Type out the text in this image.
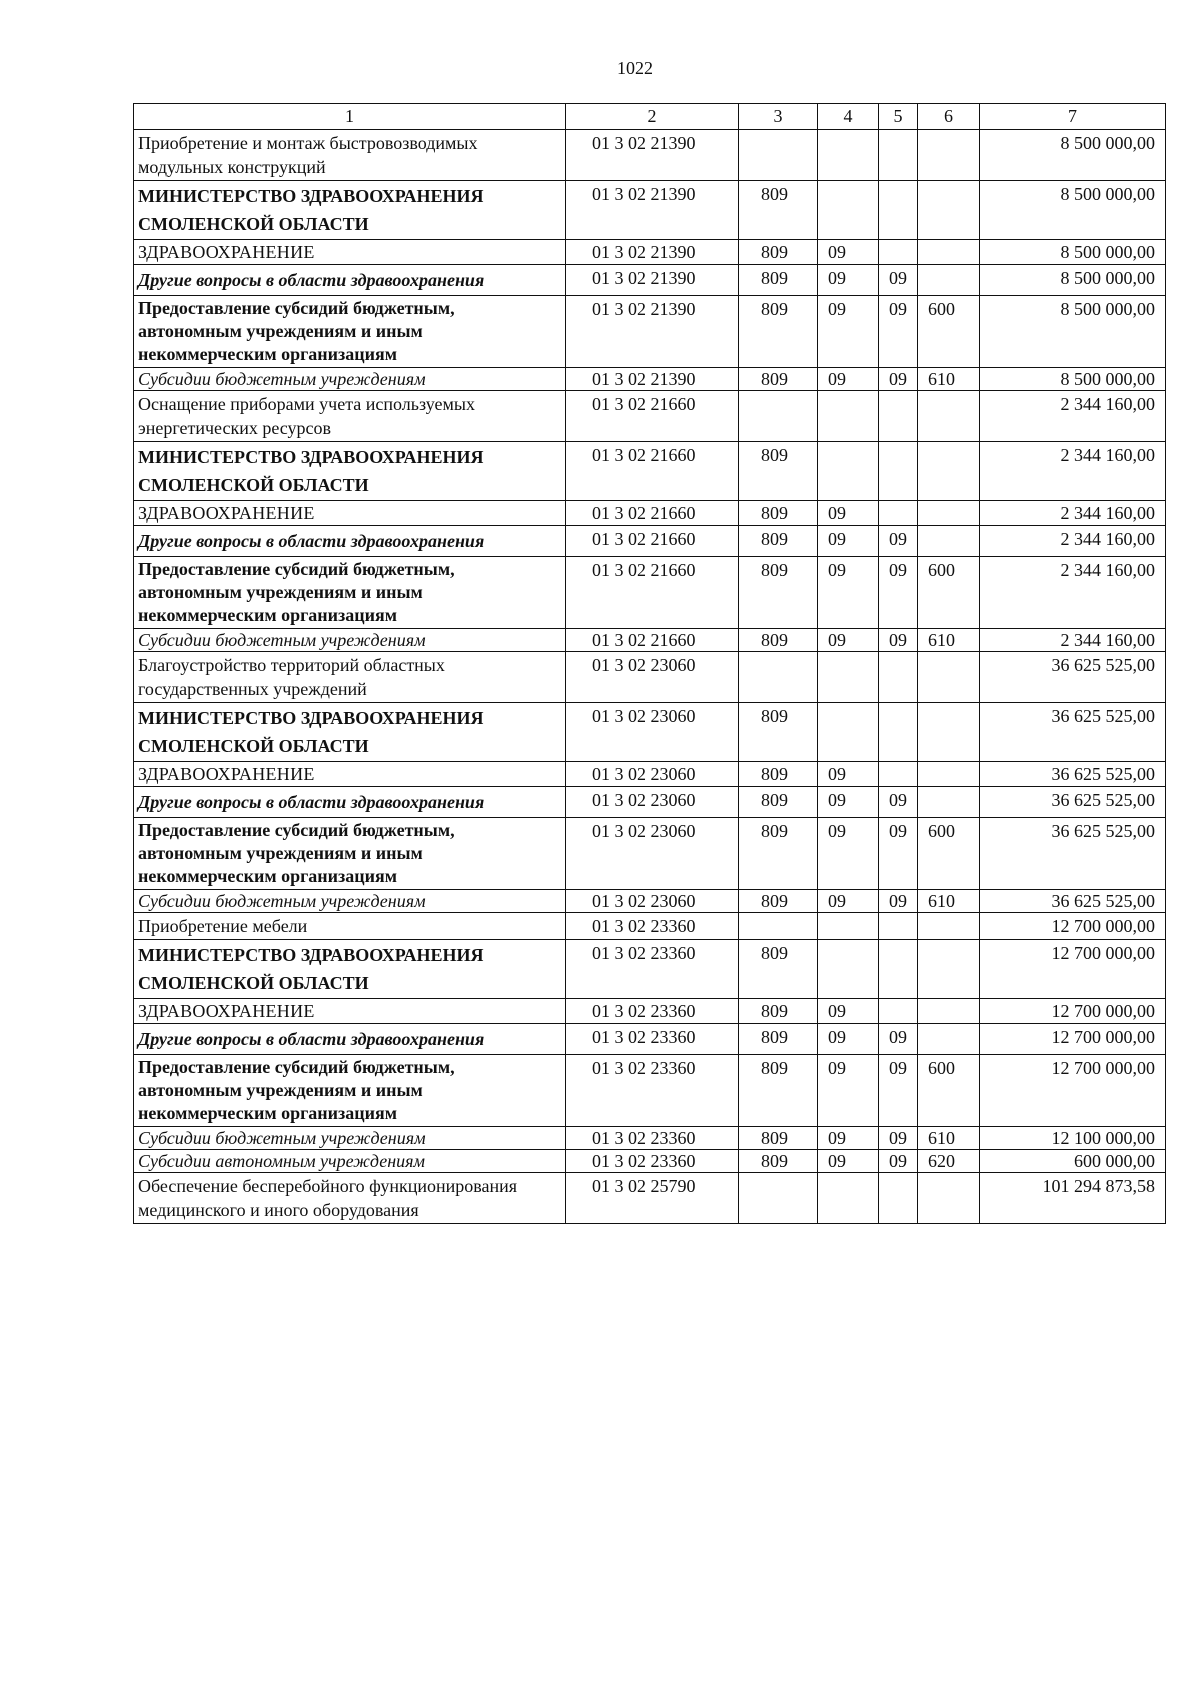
1022
1	2	3	4	5	6	7
Приобретение и монтаж быстровозводимых модульных конструкций	01 3 02 21390					8 500 000,00
МИНИСТЕРСТВО ЗДРАВООХРАНЕНИЯ СМОЛЕНСКОЙ ОБЛАСТИ	01 3 02 21390	809				8 500 000,00
ЗДРАВООХРАНЕНИЕ	01 3 02 21390	809	09			8 500 000,00
Другие вопросы в области здравоохранения	01 3 02 21390	809	09	09		8 500 000,00
Предоставление субсидий бюджетным, автономным учреждениям и иным некоммерческим организациям	01 3 02 21390	809	09	09	600	8 500 000,00
Субсидии бюджетным учреждениям	01 3 02 21390	809	09	09	610	8 500 000,00
Оснащение приборами учета используемых энергетических ресурсов	01 3 02 21660					2 344 160,00
МИНИСТЕРСТВО ЗДРАВООХРАНЕНИЯ СМОЛЕНСКОЙ ОБЛАСТИ	01 3 02 21660	809				2 344 160,00
ЗДРАВООХРАНЕНИЕ	01 3 02 21660	809	09			2 344 160,00
Другие вопросы в области здравоохранения	01 3 02 21660	809	09	09		2 344 160,00
Предоставление субсидий бюджетным, автономным учреждениям и иным некоммерческим организациям	01 3 02 21660	809	09	09	600	2 344 160,00
Субсидии бюджетным учреждениям	01 3 02 21660	809	09	09	610	2 344 160,00
Благоустройство территорий областных государственных учреждений	01 3 02 23060					36 625 525,00
МИНИСТЕРСТВО ЗДРАВООХРАНЕНИЯ СМОЛЕНСКОЙ ОБЛАСТИ	01 3 02 23060	809				36 625 525,00
ЗДРАВООХРАНЕНИЕ	01 3 02 23060	809	09			36 625 525,00
Другие вопросы в области здравоохранения	01 3 02 23060	809	09	09		36 625 525,00
Предоставление субсидий бюджетным, автономным учреждениям и иным некоммерческим организациям	01 3 02 23060	809	09	09	600	36 625 525,00
Субсидии бюджетным учреждениям	01 3 02 23060	809	09	09	610	36 625 525,00
Приобретение мебели	01 3 02 23360					12 700 000,00
МИНИСТЕРСТВО ЗДРАВООХРАНЕНИЯ СМОЛЕНСКОЙ ОБЛАСТИ	01 3 02 23360	809				12 700 000,00
ЗДРАВООХРАНЕНИЕ	01 3 02 23360	809	09			12 700 000,00
Другие вопросы в области здравоохранения	01 3 02 23360	809	09	09		12 700 000,00
Предоставление субсидий бюджетным, автономным учреждениям и иным некоммерческим организациям	01 3 02 23360	809	09	09	600	12 700 000,00
Субсидии бюджетным учреждениям	01 3 02 23360	809	09	09	610	12 100 000,00
Субсидии автономным учреждениям	01 3 02 23360	809	09	09	620	600 000,00
Обеспечение бесперебойного функционирования медицинского и иного оборудования	01 3 02 25790					101 294 873,58
